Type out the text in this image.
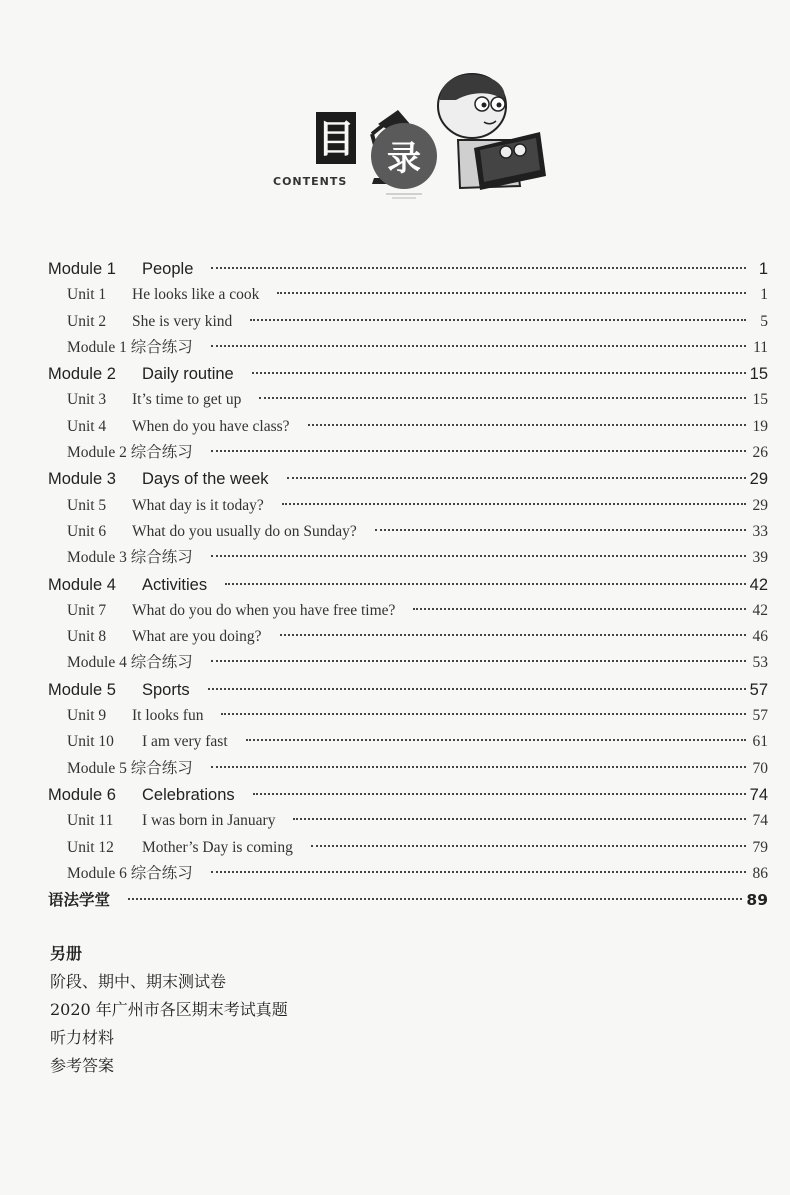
目 录
CONTENTS
Module 1	People	1
Unit 1	He looks like a cook	1
Unit 2	She is very kind	5
Module 1 综合练习	11
Module 2	Daily routine	15
Unit 3	It’s time to get up	15
Unit 4	When do you have class?	19
Module 2 综合练习	26
Module 3	Days of the week	29
Unit 5	What day is it today?	29
Unit 6	What do you usually do on Sunday?	33
Module 3 综合练习	39
Module 4	Activities	42
Unit 7	What do you do when you have free time?	42
Unit 8	What are you doing?	46
Module 4 综合练习	53
Module 5	Sports	57
Unit 9	It looks fun	57
Unit 10	I am very fast	61
Module 5 综合练习	70
Module 6	Celebrations	74
Unit 11	I was born in January	74
Unit 12	Mother’s Day is coming	79
Module 6 综合练习	86
语法学堂	89
另册
阶段、期中、期末测试卷
2020 年广州市各区期末考试真题
听力材料
参考答案
